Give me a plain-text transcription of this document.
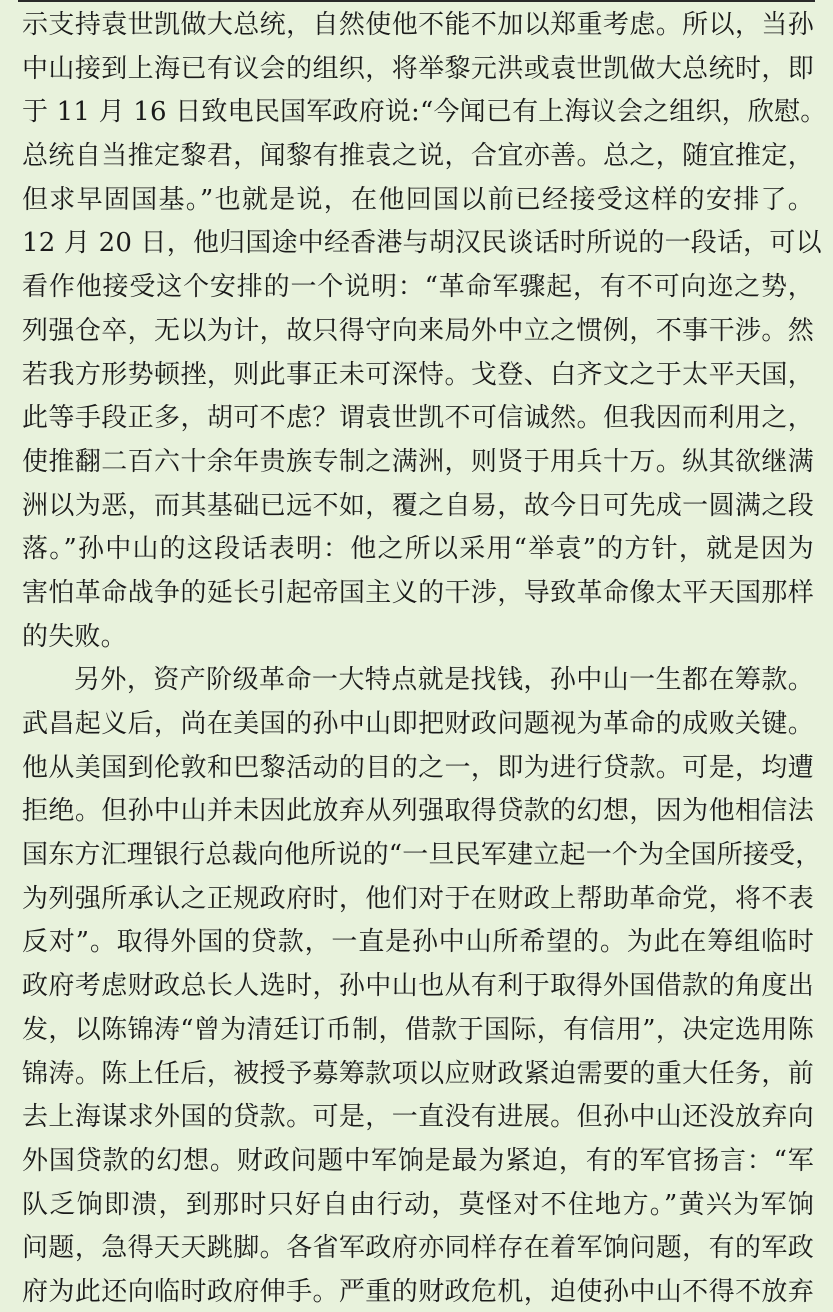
示支持袁世凯做大总统，自然使他不能不加以郑重考虑。所以，当孙
中山接到上海已有议会的组织，将举黎元洪或袁世凯做大总统时，即
于 11 月 16 日致电民国军政府说:“今闻已有上海议会之组织，欣慰。
总统自当推定黎君，闻黎有推袁之说，合宜亦善。总之，随宜推定，
但求早固国基。”也就是说，在他回国以前已经接受这样的安排了。
12 月 20 日，他归国途中经香港与胡汉民谈话时所说的一段话，可以
看作他接受这个安排的一个说明：“革命军骤起，有不可向迩之势，
列强仓卒，无以为计，故只得守向来局外中立之惯例，不事干涉。然
若我方形势顿挫，则此事正未可深恃。戈登、白齐文之于太平天国，
此等手段正多，胡可不虑？谓袁世凯不可信诚然。但我因而利用之，
使推翻二百六十余年贵族专制之满洲，则贤于用兵十万。纵其欲继满
洲以为恶，而其基础已远不如，覆之自易，故今日可先成一圆满之段
落。”孙中山的这段话表明：他之所以采用“举袁”的方针，就是因为
害怕革命战争的延长引起帝国主义的干涉，导致革命像太平天国那样
的失败。
另外，资产阶级革命一大特点就是找钱，孙中山一生都在筹款。
武昌起义后，尚在美国的孙中山即把财政问题视为革命的成败关键。
他从美国到伦敦和巴黎活动的目的之一，即为进行贷款。可是，均遭
拒绝。但孙中山并未因此放弃从列强取得贷款的幻想，因为他相信法
国东方汇理银行总裁向他所说的“一旦民军建立起一个为全国所接受，
为列强所承认之正规政府时，他们对于在财政上帮助革命党，将不表
反对”。取得外国的贷款，一直是孙中山所希望的。为此在筹组临时
政府考虑财政总长人选时，孙中山也从有利于取得外国借款的角度出
发，以陈锦涛“曾为清廷订币制，借款于国际，有信用”，决定选用陈
锦涛。陈上任后，被授予募筹款项以应财政紧迫需要的重大任务，前
去上海谋求外国的贷款。可是，一直没有进展。但孙中山还没放弃向
外国贷款的幻想。财政问题中军饷是最为紧迫，有的军官扬言：“军
队乏饷即溃，到那时只好自由行动，莫怪对不住地方。”黄兴为军饷
问题，急得天天跳脚。各省军政府亦同样存在着军饷问题，有的军政
府为此还向临时政府伸手。严重的财政危机，迫使孙中山不得不放弃
